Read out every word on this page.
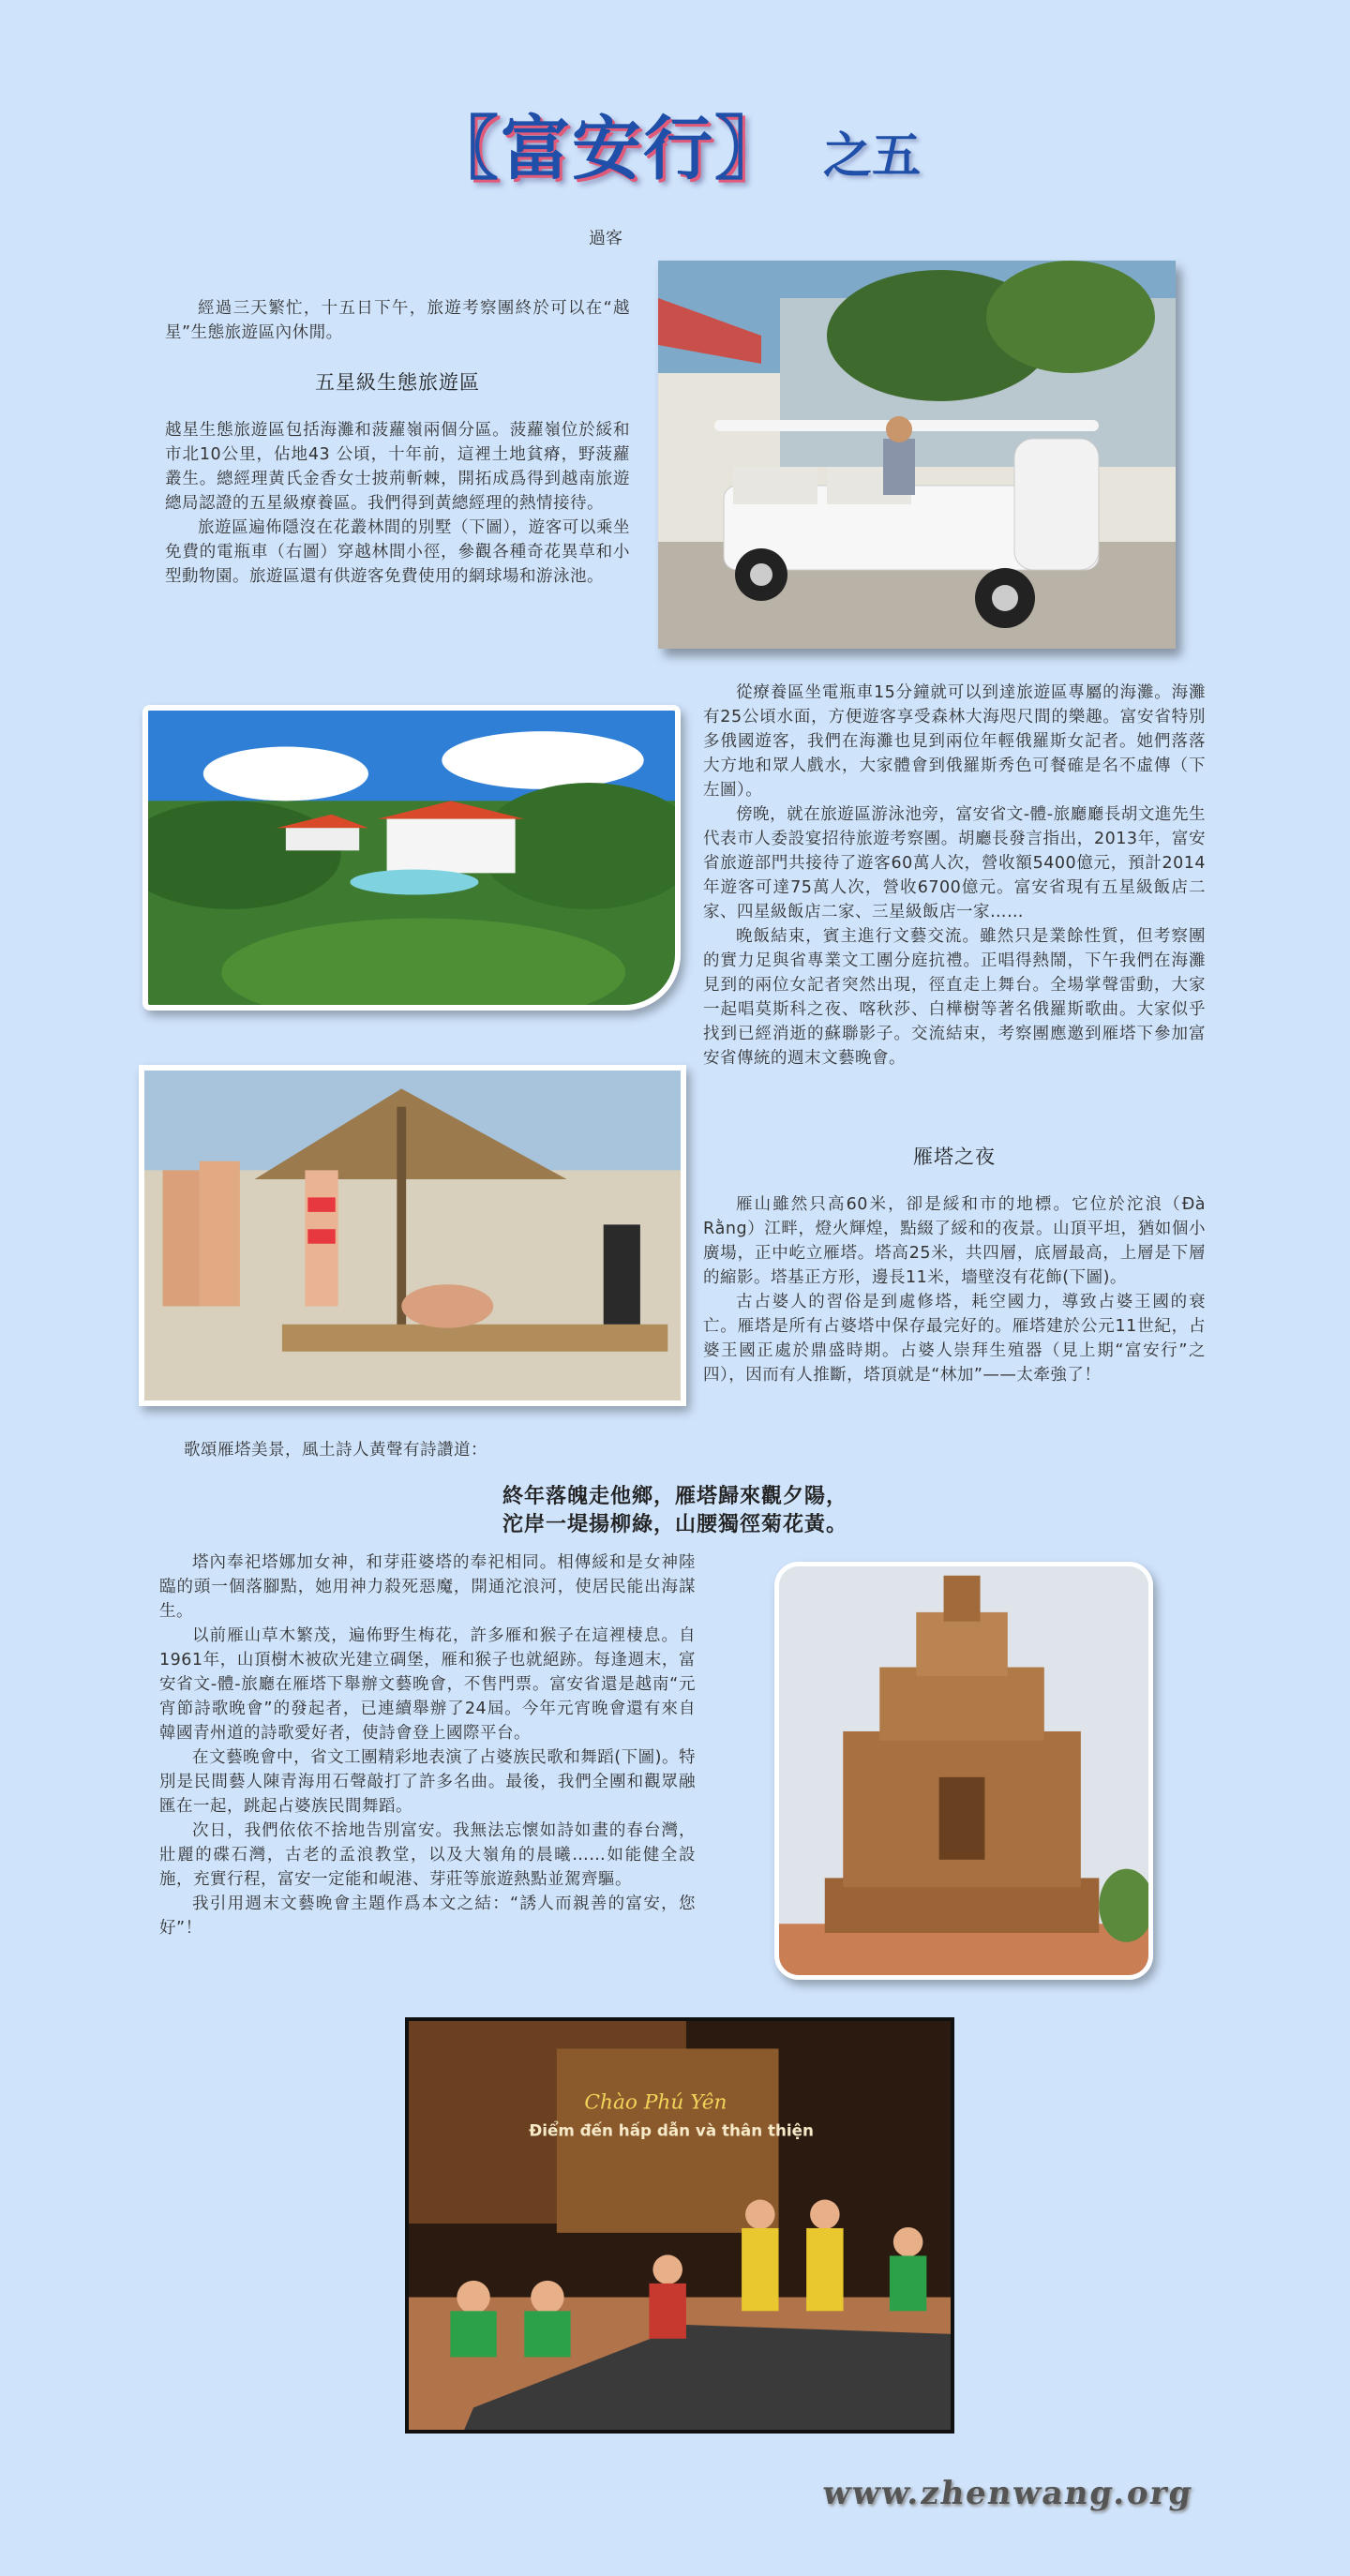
〖富安行〗 之五
過客

經過三天繁忙，十五日下午，旅遊考察團終於可以在“越星”生態旅遊區內休閒。

五星級生態旅遊區

越星生態旅遊區包括海灘和菠蘿嶺兩個分區。菠蘿嶺位於綏和市北10公里，佔地43 公頃，十年前，這裡土地貧瘠，野菠蘿叢生。總經理黃氏金香女士披荊斬棘，開拓成爲得到越南旅遊總局認證的五星級療養區。我們得到黃總經理的熱情接待。

旅遊區遍佈隱沒在花叢林間的別墅（下圖），遊客可以乘坐免費的電瓶車（右圖）穿越林間小徑，參觀各種奇花異草和小型動物園。旅遊區還有供遊客免費使用的網球場和游泳池。

從療養區坐電瓶車15分鐘就可以到達旅遊區專屬的海灘。海灘有25公頃水面，方便遊客享受森林大海咫尺間的樂趣。富安省特別多俄國遊客，我們在海灘也見到兩位年輕俄羅斯女記者。她們落落大方地和眾人戲水，大家體會到俄羅斯秀色可餐確是名不虛傳（下左圖）。

傍晚，就在旅遊區游泳池旁，富安省文-體-旅廳廳長胡文進先生代表市人委設宴招待旅遊考察團。胡廳長發言指出，2013年，富安省旅遊部門共接待了遊客60萬人次，營收額5400億元，預計2014年遊客可達75萬人次，營收6700億元。富安省現有五星級飯店二家、四星級飯店二家、三星級飯店一家……

晚飯結束，賓主進行文藝交流。雖然只是業餘性質，但考察團的實力足與省專業文工團分庭抗禮。正唱得熱鬧，下午我們在海灘見到的兩位女記者突然出現，徑直走上舞台。全場掌聲雷動，大家一起唱莫斯科之夜、喀秋莎、白樺樹等著名俄羅斯歌曲。大家似乎找到已經消逝的蘇聯影子。交流結束，考察團應邀到雁塔下參加富安省傳統的週末文藝晚會。

雁塔之夜

雁山雖然只高60米，卻是綏和市的地標。它位於沱浪（Đà Rằng）江畔，燈火輝煌，點綴了綏和的夜景。山頂平坦，猶如個小廣場，正中屹立雁塔。塔高25米，共四層，底層最高，上層是下層的縮影。塔基正方形，邊長11米，墻壁沒有花飾(下圖)。

古占婆人的習俗是到處修塔，耗空國力，導致占婆王國的衰亡。雁塔是所有占婆塔中保存最完好的。雁塔建於公元11世紀，占婆王國正處於鼎盛時期。占婆人崇拜生殖器（見上期“富安行”之四），因而有人推斷，塔頂就是“林加”——太牽強了！

歌頌雁塔美景，風土詩人黃聲有詩讚道：

終年落魄走他鄉，雁塔歸來觀夕陽，
沱岸一堤揚柳綠，山腰獨徑菊花黃。

塔內奉祀塔娜加女神，和芽莊婆塔的奉祀相同。相傳綏和是女神陸臨的頭一個落腳點，她用神力殺死惡魔，開通沱浪河，使居民能出海謀生。

以前雁山草木繁茂，遍佈野生梅花，許多雁和猴子在這裡棲息。自1961年，山頂樹木被砍光建立碉堡，雁和猴子也就絕跡。每逢週末，富安省文-體-旅廳在雁塔下舉辦文藝晚會，不售門票。富安省還是越南“元宵節詩歌晚會”的發起者，已連續舉辦了24屆。今年元宵晚會還有來自韓國青州道的詩歌愛好者，使詩會登上國際平台。

在文藝晚會中，省文工團精彩地表演了占婆族民歌和舞蹈(下圖)。特別是民間藝人陳青海用石聲敲打了許多名曲。最後，我們全團和觀眾融匯在一起，跳起占婆族民間舞蹈。

次日，我們依依不捨地告別富安。我無法忘懷如詩如畫的春台灣，壯麗的碟石灣，古老的孟浪教堂，以及大嶺角的晨曦……如能健全設施，充實行程，富安一定能和峴港、芽莊等旅遊熱點並駕齊驅。

我引用週末文藝晚會主題作爲本文之結：“誘人而親善的富安，您好”！

Chào Phú Yên
Điểm đến hấp dẫn và thân thiện
www.zhenwang.org
